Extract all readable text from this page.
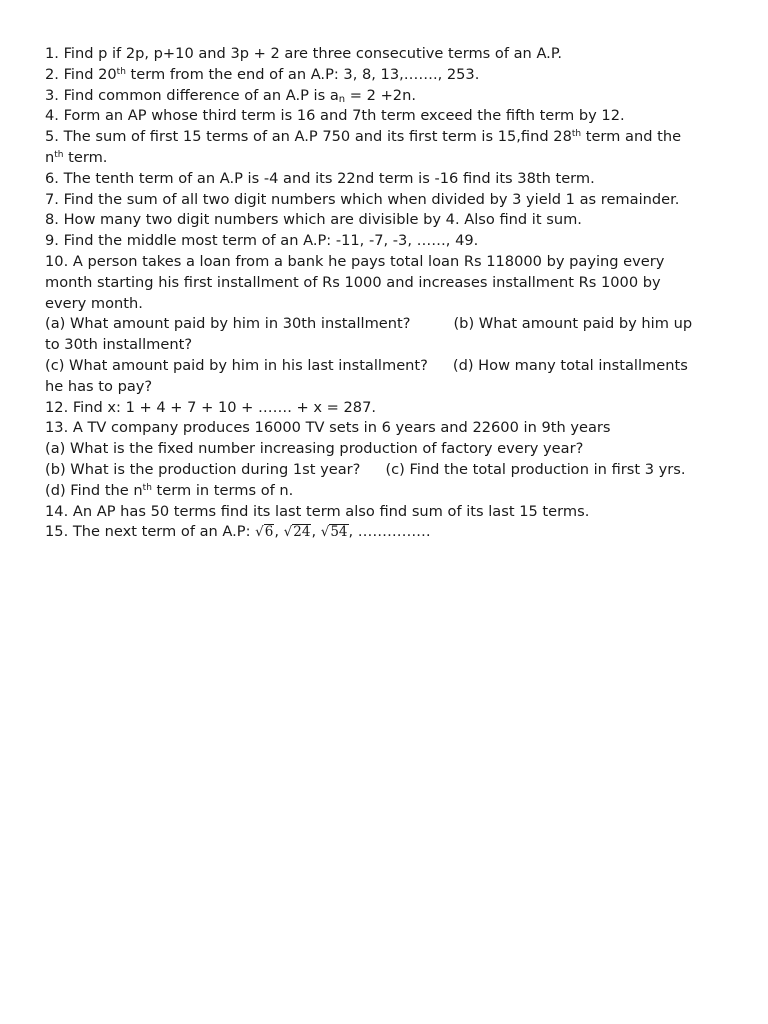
1. Find p if 2p, p+10 and 3p + 2 are three consecutive terms of an A.P.
2. Find 20th term from the end of an A.P: 3, 8, 13,……., 253.
3. Find common difference of an A.P is $a_n = 2 +2n$.
4. Form an AP whose third term is 16 and 7th term exceed the fifth term by 12.
5. The sum of first 15 terms of an A.P 750 and its first term is 15,find 28th term and the
$n^{th}$ term.
6. The tenth term of an A.P is -4 and its 22nd term is -16 find its 38th term.
7. Find the sum of all two digit numbers which when divided by 3 yield 1 as remainder.
8. How many two digit numbers which are divisible by 4. Also find it sum.
9. Find the middle most term of an A.P: -11, -7, -3, ……, 49.
10. A person takes a loan from a bank he pays total loan Rs 118000 by paying every
month starting his first installment of Rs 1000 and increases installment Rs 1000 by
every month.
(a) What amount paid by him in 30th installment?	(b) What amount paid by him up
to 30th installment?
(c) What amount paid by him in his last installment? (d) How many total installments
he has to pay?
12. Find x: 1 + 4 + 7 + 10 + ……. + x = 287.
13. A TV company produces 16000 TV sets in 6 years and 22600 in 9th years
(a) What is the fixed number increasing production of factory every year?
(b) What is the production during 1st year? (c) Find the total production in first 3 yrs.
(d) Find the $n^{th}$ term in terms of n.
14. An AP has 50 terms find its last term also find sum of its last 15 terms.
15. The next term of an A.P: √6, √24, √54, ……………
